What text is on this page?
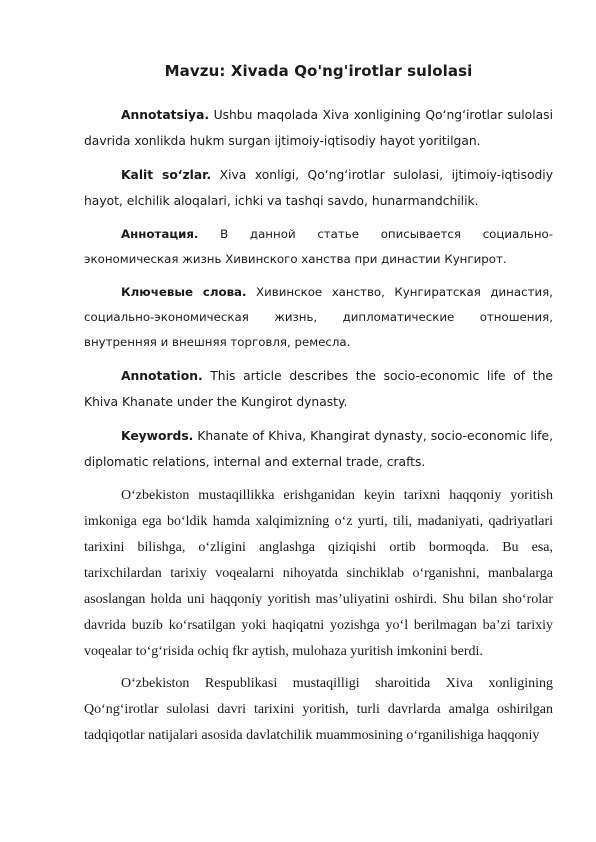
Mavzu: Xivada Qo'ng'irotlar sulolasi

Annotatsiya. Ushbu maqolada Xiva xonligining Qo‘ng‘irotlar sulolasi davrida xonlikda hukm surgan ijtimoiy-iqtisodiy hayot yoritilgan.

Kalit so‘zlar. Xiva xonligi, Qo‘ng‘irotlar sulolasi, ijtimoiy-iqtisodiy hayot, elchilik aloqalari, ichki va tashqi savdo, hunarmandchilik.

Аннотация. В данной статье описывается социально-экономическая жизнь Хивинского ханства при династии Кунгирот.

Ключевые слова. Хивинское ханство, Кунгиратская династия, социально-экономическая жизнь, дипломатические отношения, внутренняя и внешняя торговля, ремесла.

Annotation. This article describes the socio-economic life of the Khiva Khanate under the Kungirot dynasty.

Keywords. Khanate of Khiva, Khangirat dynasty, socio-economic life, diplomatic relations, internal and external trade, crafts.

O‘zbekiston mustaqillikka erishganidan keyin tarixni haqqoniy yoritish imkoniga ega bo‘ldik hamda xalqimizning o‘z yurti, tili, madaniyati, qadriyatlari tarixini bilishga, o‘zligini anglashga qiziqishi ortib bormoqda. Bu esa, tarixchilardan tarixiy voqealarni nihoyatda sinchiklab o‘rganishni, manbalarga asoslangan holda uni haqqoniy yoritish mas’uliyatini oshirdi. Shu bilan sho‘rolar davrida buzib ko‘rsatilgan yoki haqiqatni yozishga yo‘l berilmagan ba’zi tarixiy voqealar to‘g‘risida ochiq fkr aytish, mulohaza yuritish imkonini berdi.

O‘zbekiston Respublikasi mustaqilligi sharoitida Xiva xonligining Qo‘ng‘irotlar sulolasi davri tarixini yoritish, turli davrlarda amalga oshirilgan tadqiqotlar natijalari asosida davlatchilik muammosining o‘rganilishiga haqqoniy
